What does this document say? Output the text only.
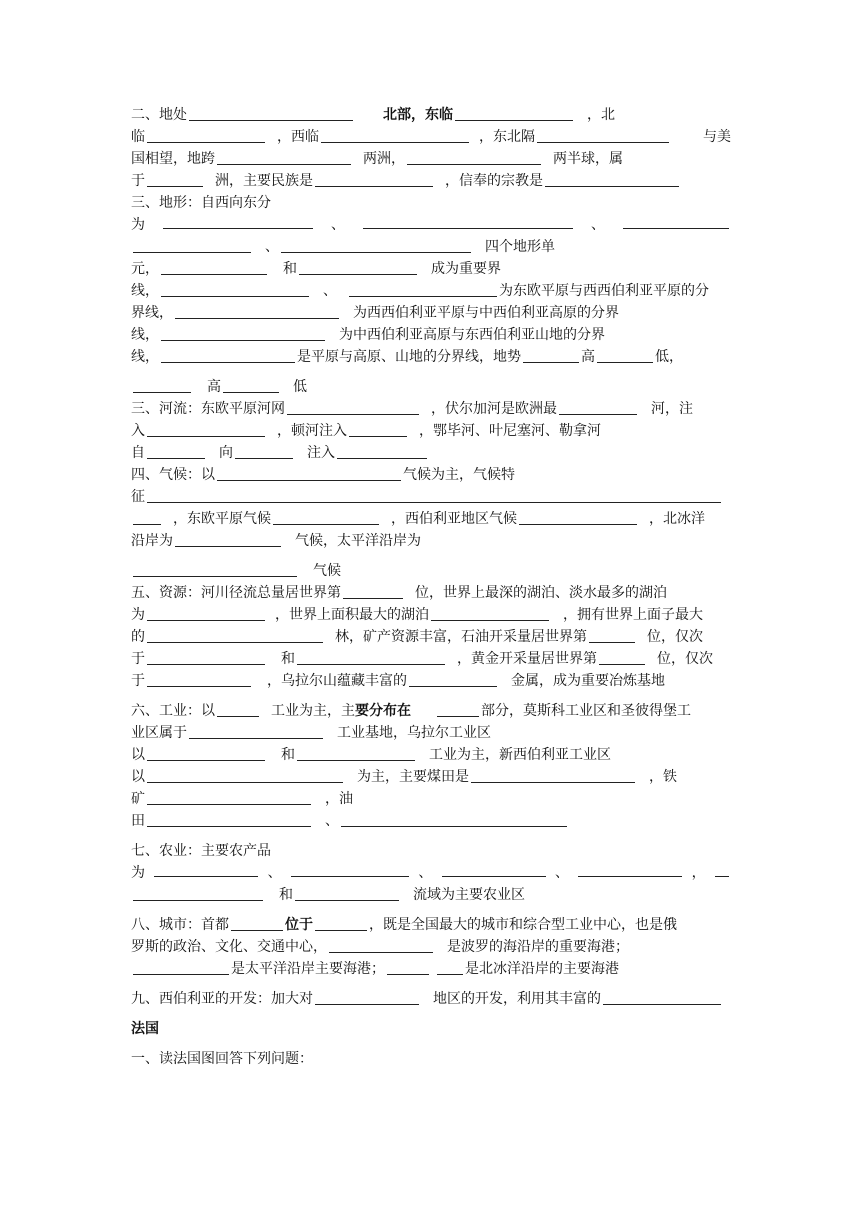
二、地处	北部，东临	，北
临	，西临	，东北隔	与美
国相望，地跨	两洲，	两半球，属
于	洲，主要民族是	，信奉的宗教是
三、地形：自西向东分
为	、	、
、	四个地形单
元，	和	成为重要界
线，	、	为东欧平原与西西伯利亚平原的分
界线，	为西西伯利亚平原与中西伯利亚高原的分界
线，	为中西伯利亚高原与东西伯利亚山地的分界
线，	是平原与高原、山地的分界线，地势	高	低，
高	低
三、河流：东欧平原河网	，伏尔加河是欧洲最	河，注
入	，顿河注入	，鄂毕河、叶尼塞河、勒拿河
自	向	注入
四、气候：以	气候为主，气候特
征
，东欧平原气候	，西伯利亚地区气候	，北冰洋
沿岸为	气候，太平洋沿岸为
气候
五、资源：河川径流总量居世界第	位，世界上最深的湖泊、淡水最多的湖泊
为	，世界上面积最大的湖泊	，拥有世界上面子最大
的	林，矿产资源丰富，石油开采量居世界第	位，仅次
于	和	，黄金开采量居世界第	位，仅次
于	，乌拉尔山蕴藏丰富的	金属，成为重要冶炼基地
六、工业：以	工业为主，主要分布在	部分，莫斯科工业区和圣彼得堡工
业区属于	工业基地，乌拉尔工业区
以	和	工业为主，新西伯利亚工业区
以	为主，主要煤田是	，铁
矿	，油
田	、
七、农业：主要农产品
为	、	、	、	，
和	流域为主要农业区
八、城市：首都	位于	，既是全国最大的城市和综合型工业中心，也是俄
罗斯的政治、文化、交通中心，	是波罗的海沿岸的重要海港；
是太平洋沿岸主要海港；	是北冰洋沿岸的主要海港
九、西伯利亚的开发：加大对	地区的开发，利用其丰富的
法国
一、读法国图回答下列问题：
